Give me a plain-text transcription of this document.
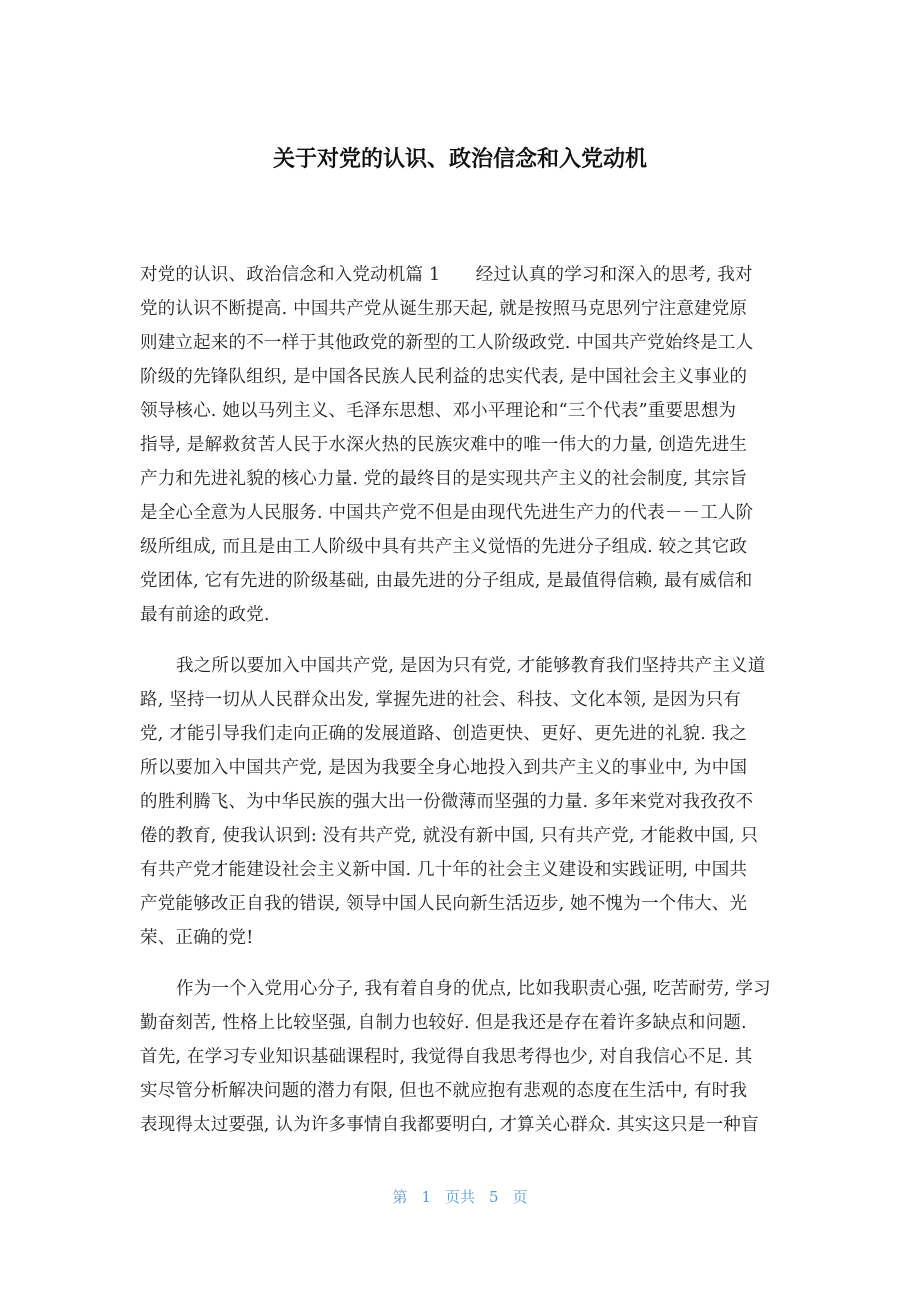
关于对党的认识、政治信念和入党动机
对党的认识、政治信念和入党动机篇 1　　经过认真的学习和深入的思考, 我对
党的认识不断提高. 中国共产党从诞生那天起, 就是按照马克思列宁注意建党原
则建立起来的不一样于其他政党的新型的工人阶级政党. 中国共产党始终是工人
阶级的先锋队组织, 是中国各民族人民利益的忠实代表, 是中国社会主义事业的
领导核心. 她以马列主义、毛泽东思想、邓小平理论和“三个代表”重要思想为
指导, 是解救贫苦人民于水深火热的民族灾难中的唯一伟大的力量, 创造先进生
产力和先进礼貌的核心力量. 党的最终目的是实现共产主义的社会制度, 其宗旨
是全心全意为人民服务. 中国共产党不但是由现代先进生产力的代表－－工人阶
级所组成, 而且是由工人阶级中具有共产主义觉悟的先进分子组成. 较之其它政
党团体, 它有先进的阶级基础, 由最先进的分子组成, 是最值得信赖, 最有威信和
最有前途的政党.
我之所以要加入中国共产党, 是因为只有党, 才能够教育我们坚持共产主义道
路, 坚持一切从人民群众出发, 掌握先进的社会、科技、文化本领, 是因为只有
党, 才能引导我们走向正确的发展道路、创造更快、更好、更先进的礼貌. 我之
所以要加入中国共产党, 是因为我要全身心地投入到共产主义的事业中, 为中国
的胜利腾飞、为中华民族的强大出一份微薄而坚强的力量. 多年来党对我孜孜不
倦的教育, 使我认识到: 没有共产党, 就没有新中国, 只有共产党, 才能救中国, 只
有共产党才能建设社会主义新中国. 几十年的社会主义建设和实践证明, 中国共
产党能够改正自我的错误, 领导中国人民向新生活迈步, 她不愧为一个伟大、光
荣、正确的党!
作为一个入党用心分子, 我有着自身的优点, 比如我职责心强, 吃苦耐劳, 学习
勤奋刻苦, 性格上比较坚强, 自制力也较好. 但是我还是存在着许多缺点和问题.
首先, 在学习专业知识基础课程时, 我觉得自我思考得也少, 对自我信心不足. 其
实尽管分析解决问题的潜力有限, 但也不就应抱有悲观的态度在生活中, 有时我
表现得太过要强, 认为许多事情自我都要明白, 才算关心群众. 其实这只是一种盲
第 1 页共 5 页
